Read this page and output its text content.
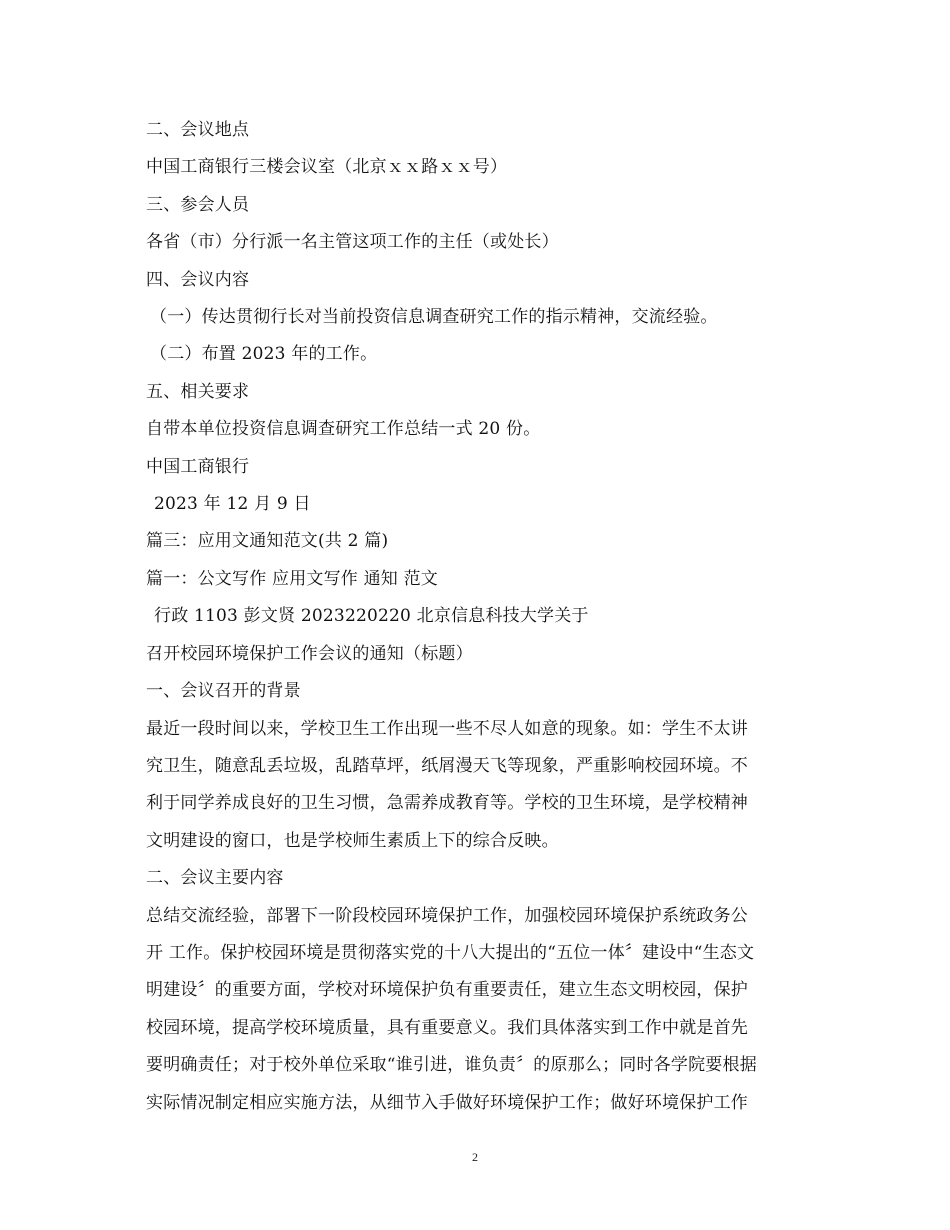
二、会议地点
中国工商银行三楼会议室（北京ｘｘ路ｘｘ号）
三、参会人员
各省（市）分行派一名主管这项工作的主任（或处长）
四、会议内容
（一）传达贯彻行长对当前投资信息调查研究工作的指示精神，交流经验。
（二）布置 2023 年的工作。
五、相关要求
自带本单位投资信息调查研究工作总结一式 20 份。
中国工商银行
2023 年 12 月 9 日
篇三：应用文通知范文(共 2 篇)
篇一：公文写作 应用文写作 通知 范文
行政 1103 彭文贤 2023220220 北京信息科技大学关于
召开校园环境保护工作会议的通知（标题）
一、会议召开的背景
最近一段时间以来，学校卫生工作出现一些不尽人如意的现象。如：学生不太讲
究卫生，随意乱丢垃圾，乱踏草坪，纸屑漫天飞等现象，严重影响校园环境。不
利于同学养成良好的卫生习惯，急需养成教育等。学校的卫生环境，是学校精神
文明建设的窗口，也是学校师生素质上下的综合反映。
二、会议主要内容
总结交流经验，部署下一阶段校园环境保护工作，加强校园环境保护系统政务公
开 工作。保护校园环境是贯彻落实党的十八大提出的“五位一体〞建设中“生态文
明建设〞的重要方面，学校对环境保护负有重要责任，建立生态文明校园，保护
校园环境，提高学校环境质量，具有重要意义。我们具体落实到工作中就是首先
要明确责任；对于校外单位采取“谁引进，谁负责〞的原那么；同时各学院要根据
实际情况制定相应实施方法，从细节入手做好环境保护工作；做好环境保护工作
2
